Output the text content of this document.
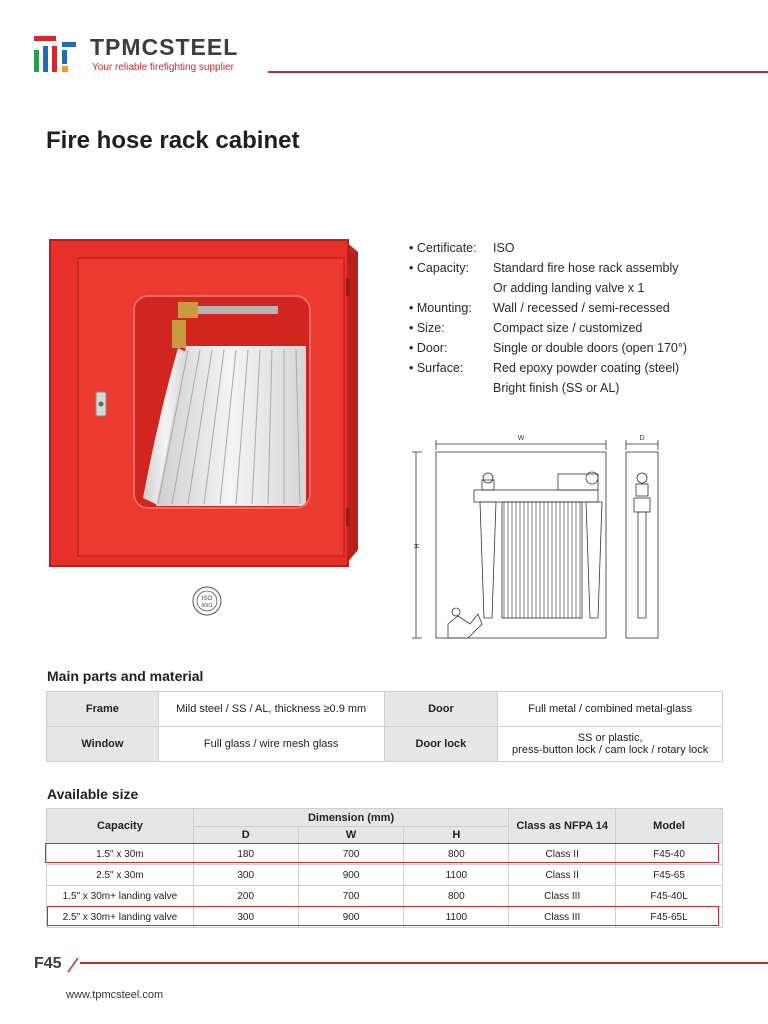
TPMCSTEEL
Your reliable firefighting supplier
Fire hose rack cabinet
ISO
9001
• Certificate:	ISO
• Capacity:	Standard fire hose rack assembly
Or adding landing valve x 1
• Mounting:	Wall / recessed / semi-recessed
• Size:	Compact size / customized
• Door:	Single or double doors (open 170°)
• Surface:	Red epoxy powder coating (steel)
Bright finish (SS or AL)
W	D
H
Main parts and material
Frame	Mild steel / SS / AL, thickness ≥0.9 mm	Door	Full metal / combined metal-glass
Window	Full glass / wire mesh glass	Door lock	SS or plastic,
press-button lock / cam lock / rotary lock
Available size
Capacity	Dimension (mm)			Class as NFPA 14	Model
	D	W	H		
1.5" x 30m	180	700	800	Class II	F45-40
2.5" x 30m	300	900	1100	Class II	F45-65
1.5" x 30m+ landing valve	200	700	800	Class III	F45-40L
2.5" x 30m+ landing valve	300	900	1100	Class III	F45-65L
F45
www.tpmcsteel.com
